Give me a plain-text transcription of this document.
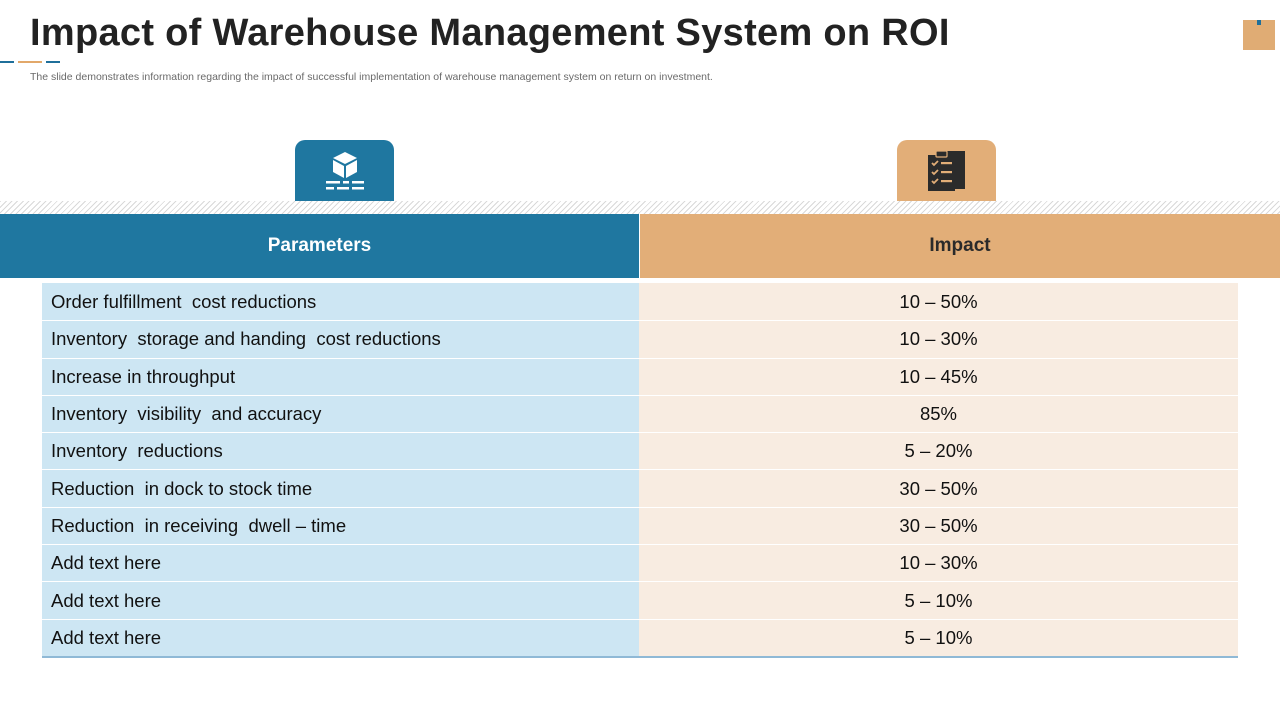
Impact of Warehouse Management System on ROI
The slide demonstrates information regarding the impact of successful implementation of warehouse management system on return on investment.
Parameters	Impact
Order fulfillment  cost reductions	10 – 50%
Inventory  storage and handing  cost reductions	10 – 30%
Increase in throughput	10 – 45%
Inventory  visibility  and accuracy	85%
Inventory  reductions	5 – 20%
Reduction  in dock to stock time	30 – 50%
Reduction  in receiving  dwell – time	30 – 50%
Add text here	10 – 30%
Add text here	5 – 10%
Add text here	5 – 10%
